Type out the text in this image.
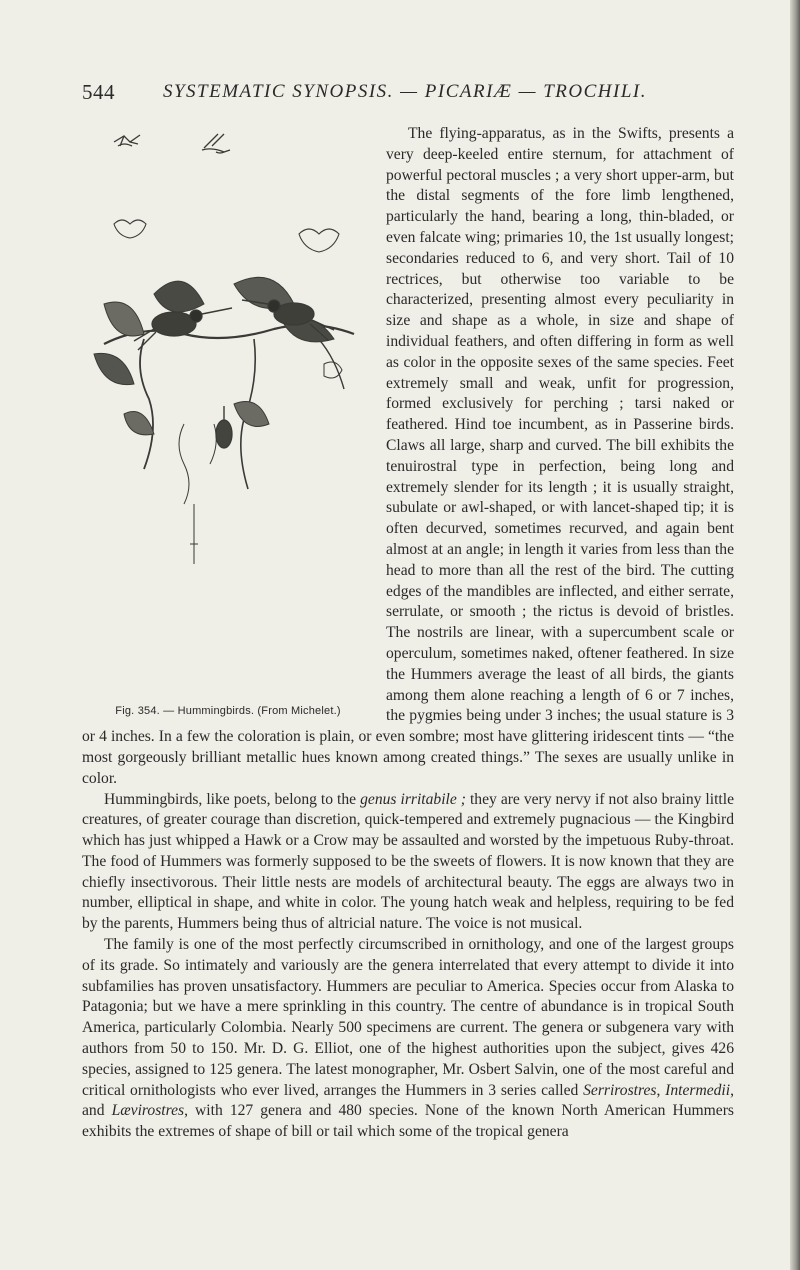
544	SYSTEMATIC SYNOPSIS. — PICARIÆ — TROCHILI.
Fig. 354. — Hummingbirds. (From Michelet.)

The flying-apparatus, as in the Swifts, presents a very deep-keeled entire sternum, for attachment of powerful pectoral muscles ; a very short upper-arm, but the distal segments of the fore limb lengthened, particularly the hand, bearing a long, thin-bladed, or even falcate wing; primaries 10, the 1st usually longest; secondaries reduced to 6, and very short. Tail of 10 rectrices, but otherwise too variable to be characterized, presenting almost every peculiarity in size and shape as a whole, in size and shape of individual feathers, and often differing in form as well as color in the opposite sexes of the same species. Feet extremely small and weak, unfit for progression, formed exclusively for perching ; tarsi naked or feathered. Hind toe incumbent, as in Passerine birds. Claws all large, sharp and curved. The bill exhibits the tenuirostral type in perfection, being long and extremely slender for its length ; it is usually straight, subulate or awl-shaped, or with lancet-shaped tip; it is often decurved, sometimes recurved, and again bent almost at an angle; in length it varies from less than the head to more than all the rest of the bird. The cutting edges of the mandibles are inflected, and either serrate, serrulate, or smooth ; the rictus is devoid of bristles. The nostrils are linear, with a supercumbent scale or operculum, sometimes naked, oftener feathered. In size the Hummers average the least of all birds, the giants among them alone reaching a length of 6 or 7 inches, the pygmies being under 3 inches; the usual stature is 3 or 4 inches. In a few the coloration is plain, or even sombre; most have glittering iridescent tints — “the most gorgeously brilliant metallic hues known among created things.” The sexes are usually unlike in color.

Hummingbirds, like poets, belong to the genus irritabile ; they are very nervy if not also brainy little creatures, of greater courage than discretion, quick-tempered and extremely pugnacious — the Kingbird which has just whipped a Hawk or a Crow may be assaulted and worsted by the impetuous Ruby-throat. The food of Hummers was formerly supposed to be the sweets of flowers. It is now known that they are chiefly insectivorous. Their little nests are models of architectural beauty. The eggs are always two in number, elliptical in shape, and white in color. The young hatch weak and helpless, requiring to be fed by the parents, Hummers being thus of altricial nature. The voice is not musical.

The family is one of the most perfectly circumscribed in ornithology, and one of the largest groups of its grade. So intimately and variously are the genera interrelated that every attempt to divide it into subfamilies has proven unsatisfactory. Hummers are peculiar to America. Species occur from Alaska to Patagonia; but we have a mere sprinkling in this country. The centre of abundance is in tropical South America, particularly Colombia. Nearly 500 specimens are current. The genera or subgenera vary with authors from 50 to 150. Mr. D. G. Elliot, one of the highest authorities upon the subject, gives 426 species, assigned to 125 genera. The latest monographer, Mr. Osbert Salvin, one of the most careful and critical ornithologists who ever lived, arranges the Hummers in 3 series called Serrirostres, Intermedii, and Lævirostres, with 127 genera and 480 species. None of the known North American Hummers exhibits the extremes of shape of bill or tail which some of the tropical genera
